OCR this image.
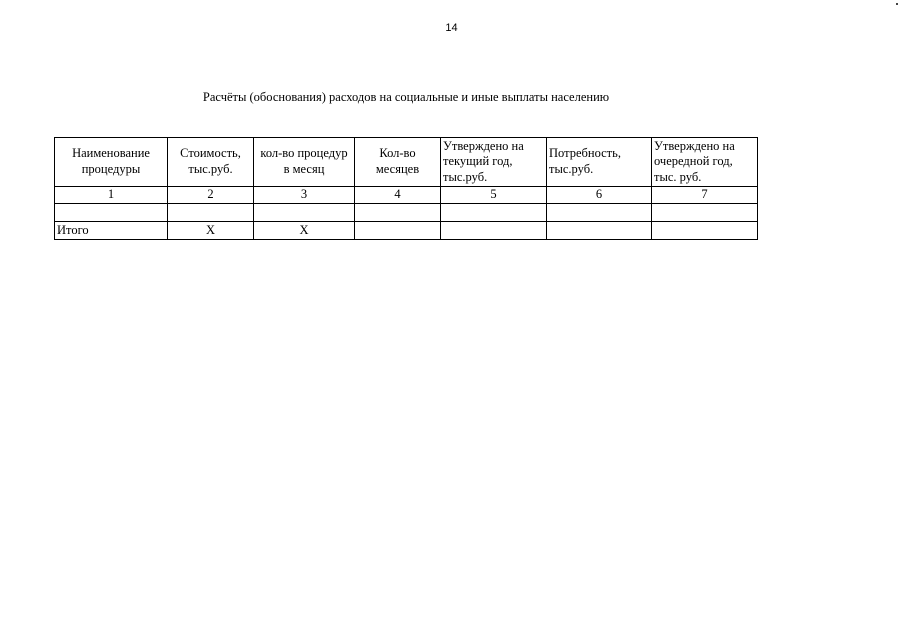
14
Расчёты (обоснования) расходов на социальные и иные выплаты населению
Наименование процедуры	Стоимость, тыс.руб.	кол-во процедур в месяц	Кол-во месяцев	Утверждено на текущий год, тыс.руб.	Потребность, тыс.руб.	Утверждено на очередной год, тыс. руб.
1	2	3	4	5	6	7

Итого	Х	Х				
